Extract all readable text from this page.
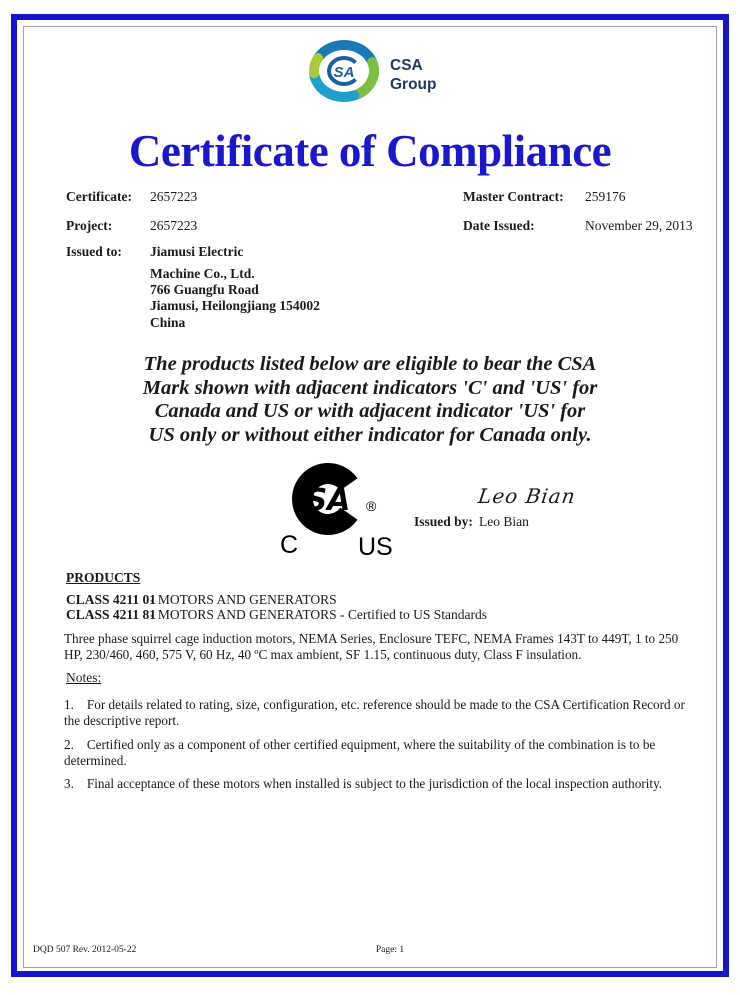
SA CSA
Group
Certificate of Compliance
Certificate: 2657223	Master Contract: 259176
Project:	2657223	Date Issued:	November 29, 2013
Issued to: Jiamusi Electric
Machine Co., Ltd.
766 Guangfu Road
Jiamusi, Heilongjiang 154002
China
The products listed below are eligible to bear the CSA
Mark shown with adjacent indicators 'C' and 'US' for
Canada and US or with adjacent indicator 'US' for
US only or without either indicator for Canada only.
SA ®
C US
Leo Bian
Issued by: Leo Bian
PRODUCTS
CLASS 4211 01
- MOTORS AND GENERATORS
CLASS 4211 81
- MOTORS AND GENERATORS - Certified to US Standards
Three phase squirrel cage induction motors, NEMA Series, Enclosure TEFC, NEMA Frames 143T to 449T, 1 to 250 HP, 230/460, 460, 575 V, 60 Hz, 40 ºC max ambient, SF 1.15, continuous duty, Class F insulation.
Notes:
1. For details related to rating, size, configuration, etc. reference should be made to the CSA Certification Record or the descriptive report.
2. Certified only as a component of other certified equipment, where the suitability of the combination is to be determined.
3. Final acceptance of these motors when installed is subject to the jurisdiction of the local inspection authority.
DQD 507 Rev. 2012-05-22	Page: 1
